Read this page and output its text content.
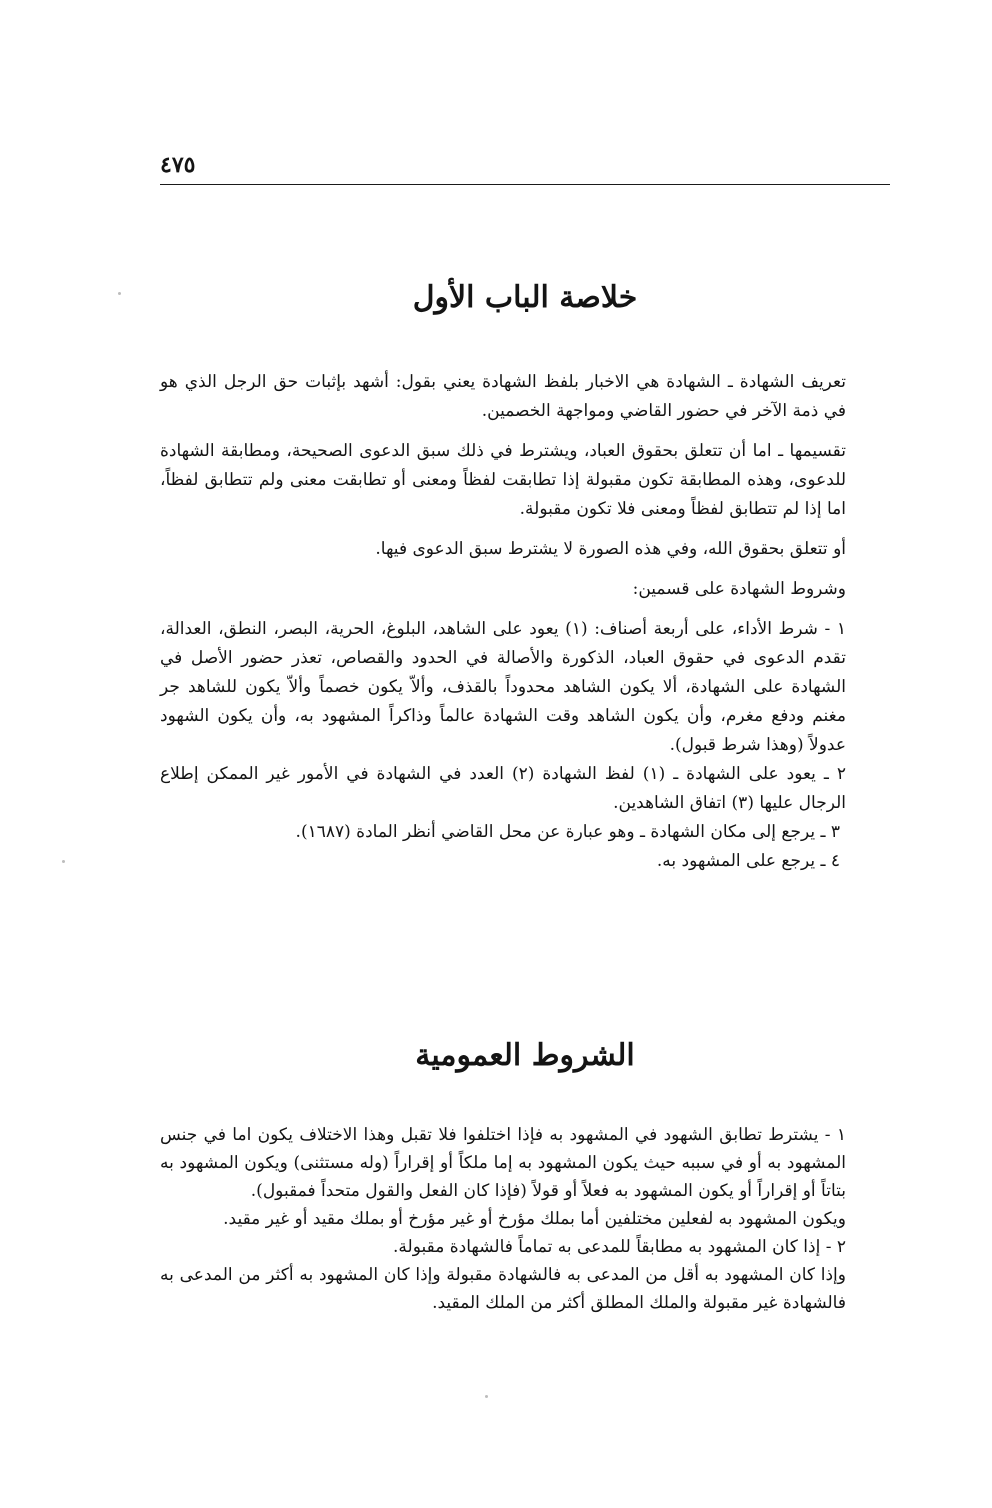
٤٧٥
خلاصة الباب الأول

تعريف الشهادة ـ الشهادة هي الاخبار بلفظ الشهادة يعني بقول: أشهد بإثبات حق الرجل الذي هو في ذمة الآخر في حضور القاضي ومواجهة الخصمين.

تقسيمها ـ اما أن تتعلق بحقوق العباد، ويشترط في ذلك سبق الدعوى الصحيحة، ومطابقة الشهادة للدعوى، وهذه المطابقة تكون مقبولة إذا تطابقت لفظاً ومعنى أو تطابقت معنى ولم تتطابق لفظاً، اما إذا لم تتطابق لفظاً ومعنى فلا تكون مقبولة.

أو تتعلق بحقوق الله، وفي هذه الصورة لا يشترط سبق الدعوى فيها.

وشروط الشهادة على قسمين:

١ - شرط الأداء، على أربعة أصناف: (١) يعود على الشاهد، البلوغ، الحرية، البصر، النطق، العدالة، تقدم الدعوى في حقوق العباد، الذكورة والأصالة في الحدود والقصاص، تعذر حضور الأصل في الشهادة على الشهادة، ألا يكون الشاهد محدوداً بالقذف، وألاّ يكون خصماً وألاّ يكون للشاهد جر مغنم ودفع مغرم، وأن يكون الشاهد وقت الشهادة عالماً وذاكراً المشهود به، وأن يكون الشهود عدولاً (وهذا شرط قبول).

٢ ـ يعود على الشهادة ـ (١) لفظ الشهادة (٢) العدد في الشهادة في الأمور غير الممكن إطلاع الرجال عليها (٣) اتفاق الشاهدين.

٣ ـ يرجع إلى مكان الشهادة ـ وهو عبارة عن محل القاضي أنظر المادة (١٦٨٧).

٤ ـ يرجع على المشهود به.

الشروط العمومية

١ - يشترط تطابق الشهود في المشهود به فإذا اختلفوا فلا تقبل وهذا الاختلاف يكون اما في جنس المشهود به أو في سببه حيث يكون المشهود به إما ملكاً أو إقراراً (وله مستثنى) ويكون المشهود به بتاتاً أو إقراراً أو يكون المشهود به فعلاً أو قولاً (فإذا كان الفعل والقول متحداً فمقبول).

ويكون المشهود به لفعلين مختلفين أما بملك مؤرخ أو غير مؤرخ أو بملك مقيد أو غير مقيد.

٢ - إذا كان المشهود به مطابقاً للمدعى به تماماً فالشهادة مقبولة.

وإذا كان المشهود به أقل من المدعى به فالشهادة مقبولة وإذا كان المشهود به أكثر من المدعى به فالشهادة غير مقبولة والملك المطلق أكثر من الملك المقيد.
